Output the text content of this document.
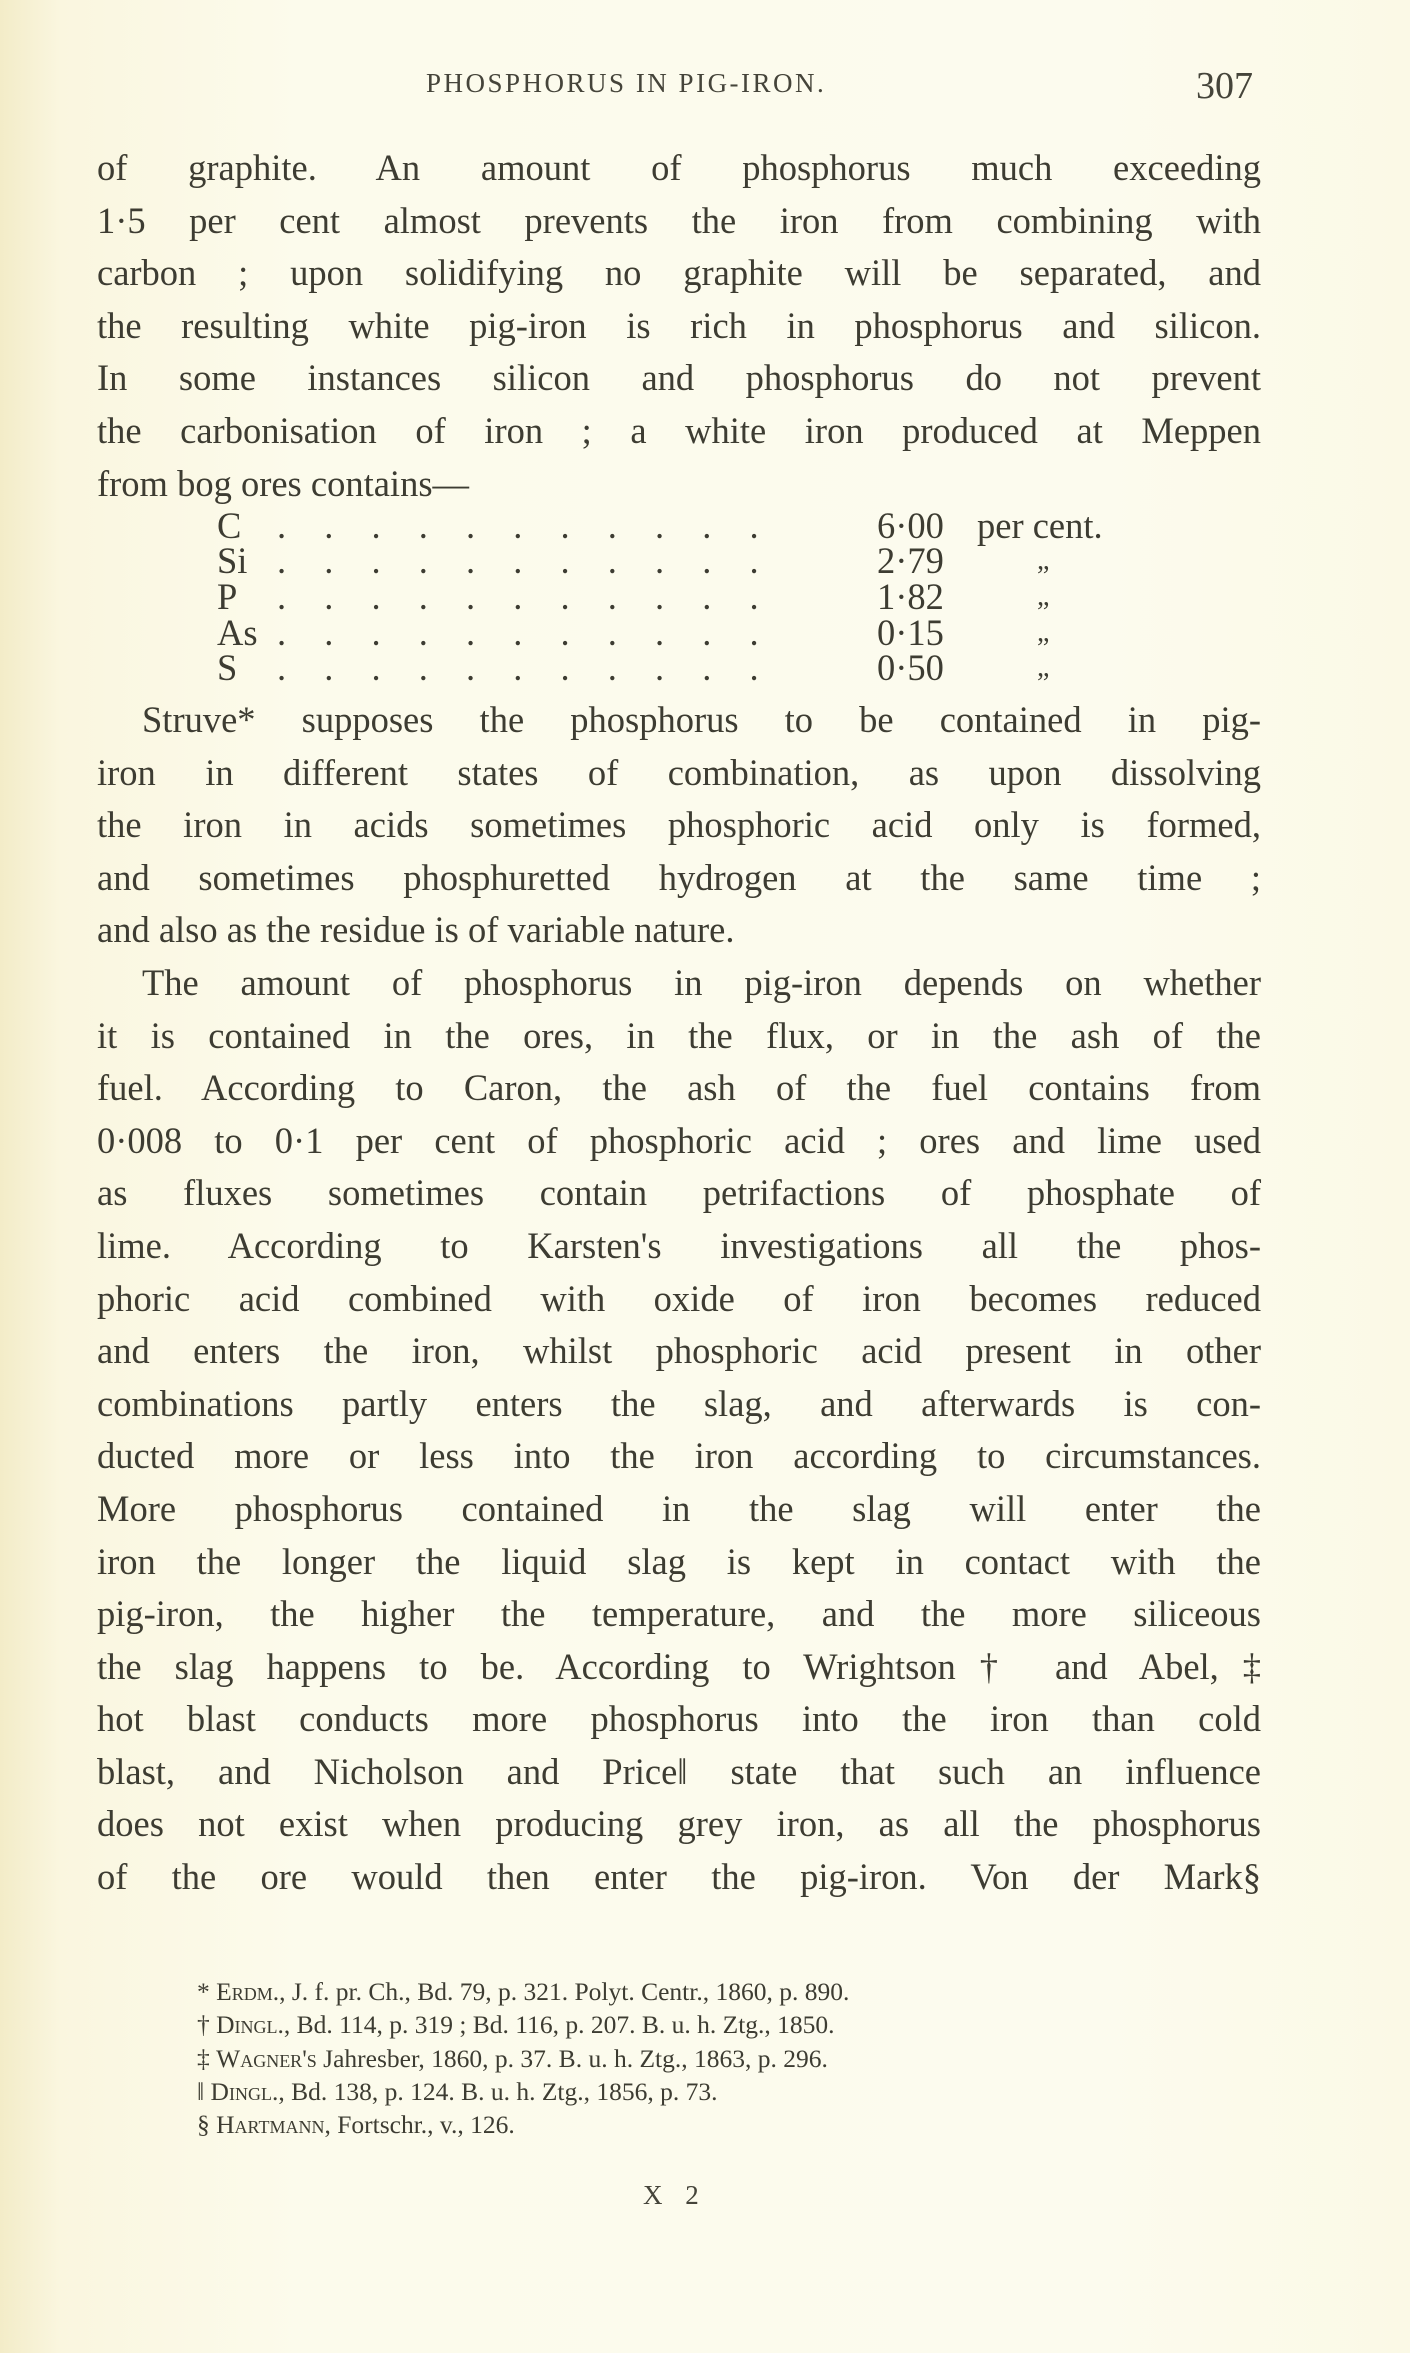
PHOSPHORUS IN PIG-IRON.	307
of graphite. An amount of phosphorus much exceeding
1·5 per cent almost prevents the iron from combining with
carbon ; upon solidifying no graphite will be separated, and
the resulting white pig-iron is rich in phosphorus and silicon.
In some instances silicon and phosphorus do not prevent
the carbonisation of iron ; a white iron produced at Meppen
from bog ores contains—
C . . . . . . . . . . .	6·00 per cent.
Si . . . . . . . . . . .	2·79	„
P . . . . . . . . . . .	1·82	„
As . . . . . . . . . . .	0·15	„
S . . . . . . . . . . .	0·50	„
Struve* supposes the phosphorus to be contained in pig-
iron in different states of combination, as upon dissolving
the iron in acids sometimes phosphoric acid only is formed,
and sometimes phosphuretted hydrogen at the same time ;
and also as the residue is of variable nature.
The amount of phosphorus in pig-iron depends on whether
it is contained in the ores, in the flux, or in the ash of the
fuel. According to Caron, the ash of the fuel contains from
0·008 to 0·1 per cent of phosphoric acid ; ores and lime used
as fluxes sometimes contain petrifactions of phosphate of
lime. According to Karsten's investigations all the phos-
phoric acid combined with oxide of iron becomes reduced
and enters the iron, whilst phosphoric acid present in other
combinations partly enters the slag, and afterwards is con-
ducted more or less into the iron according to circumstances.
More phosphorus contained in the slag will enter the
iron the longer the liquid slag is kept in contact with the
pig-iron, the higher the temperature, and the more siliceous
the slag happens to be. According to Wrightson† and Abel,‡
hot blast conducts more phosphorus into the iron than cold
blast, and Nicholson and Price‖ state that such an influence
does not exist when producing grey iron, as all the phosphorus
of the ore would then enter the pig-iron. Von der Mark§
* Erdm., J. f. pr. Ch., Bd. 79, p. 321. Polyt. Centr., 1860, p. 890.
† Dingl., Bd. 114, p. 319 ; Bd. 116, p. 207. B. u. h. Ztg., 1850.
‡ Wagner's Jahresber, 1860, p. 37. B. u. h. Ztg., 1863, p. 296.
‖ Dingl., Bd. 138, p. 124. B. u. h. Ztg., 1856, p. 73.
§ Hartmann, Fortschr., v., 126.
X 2
